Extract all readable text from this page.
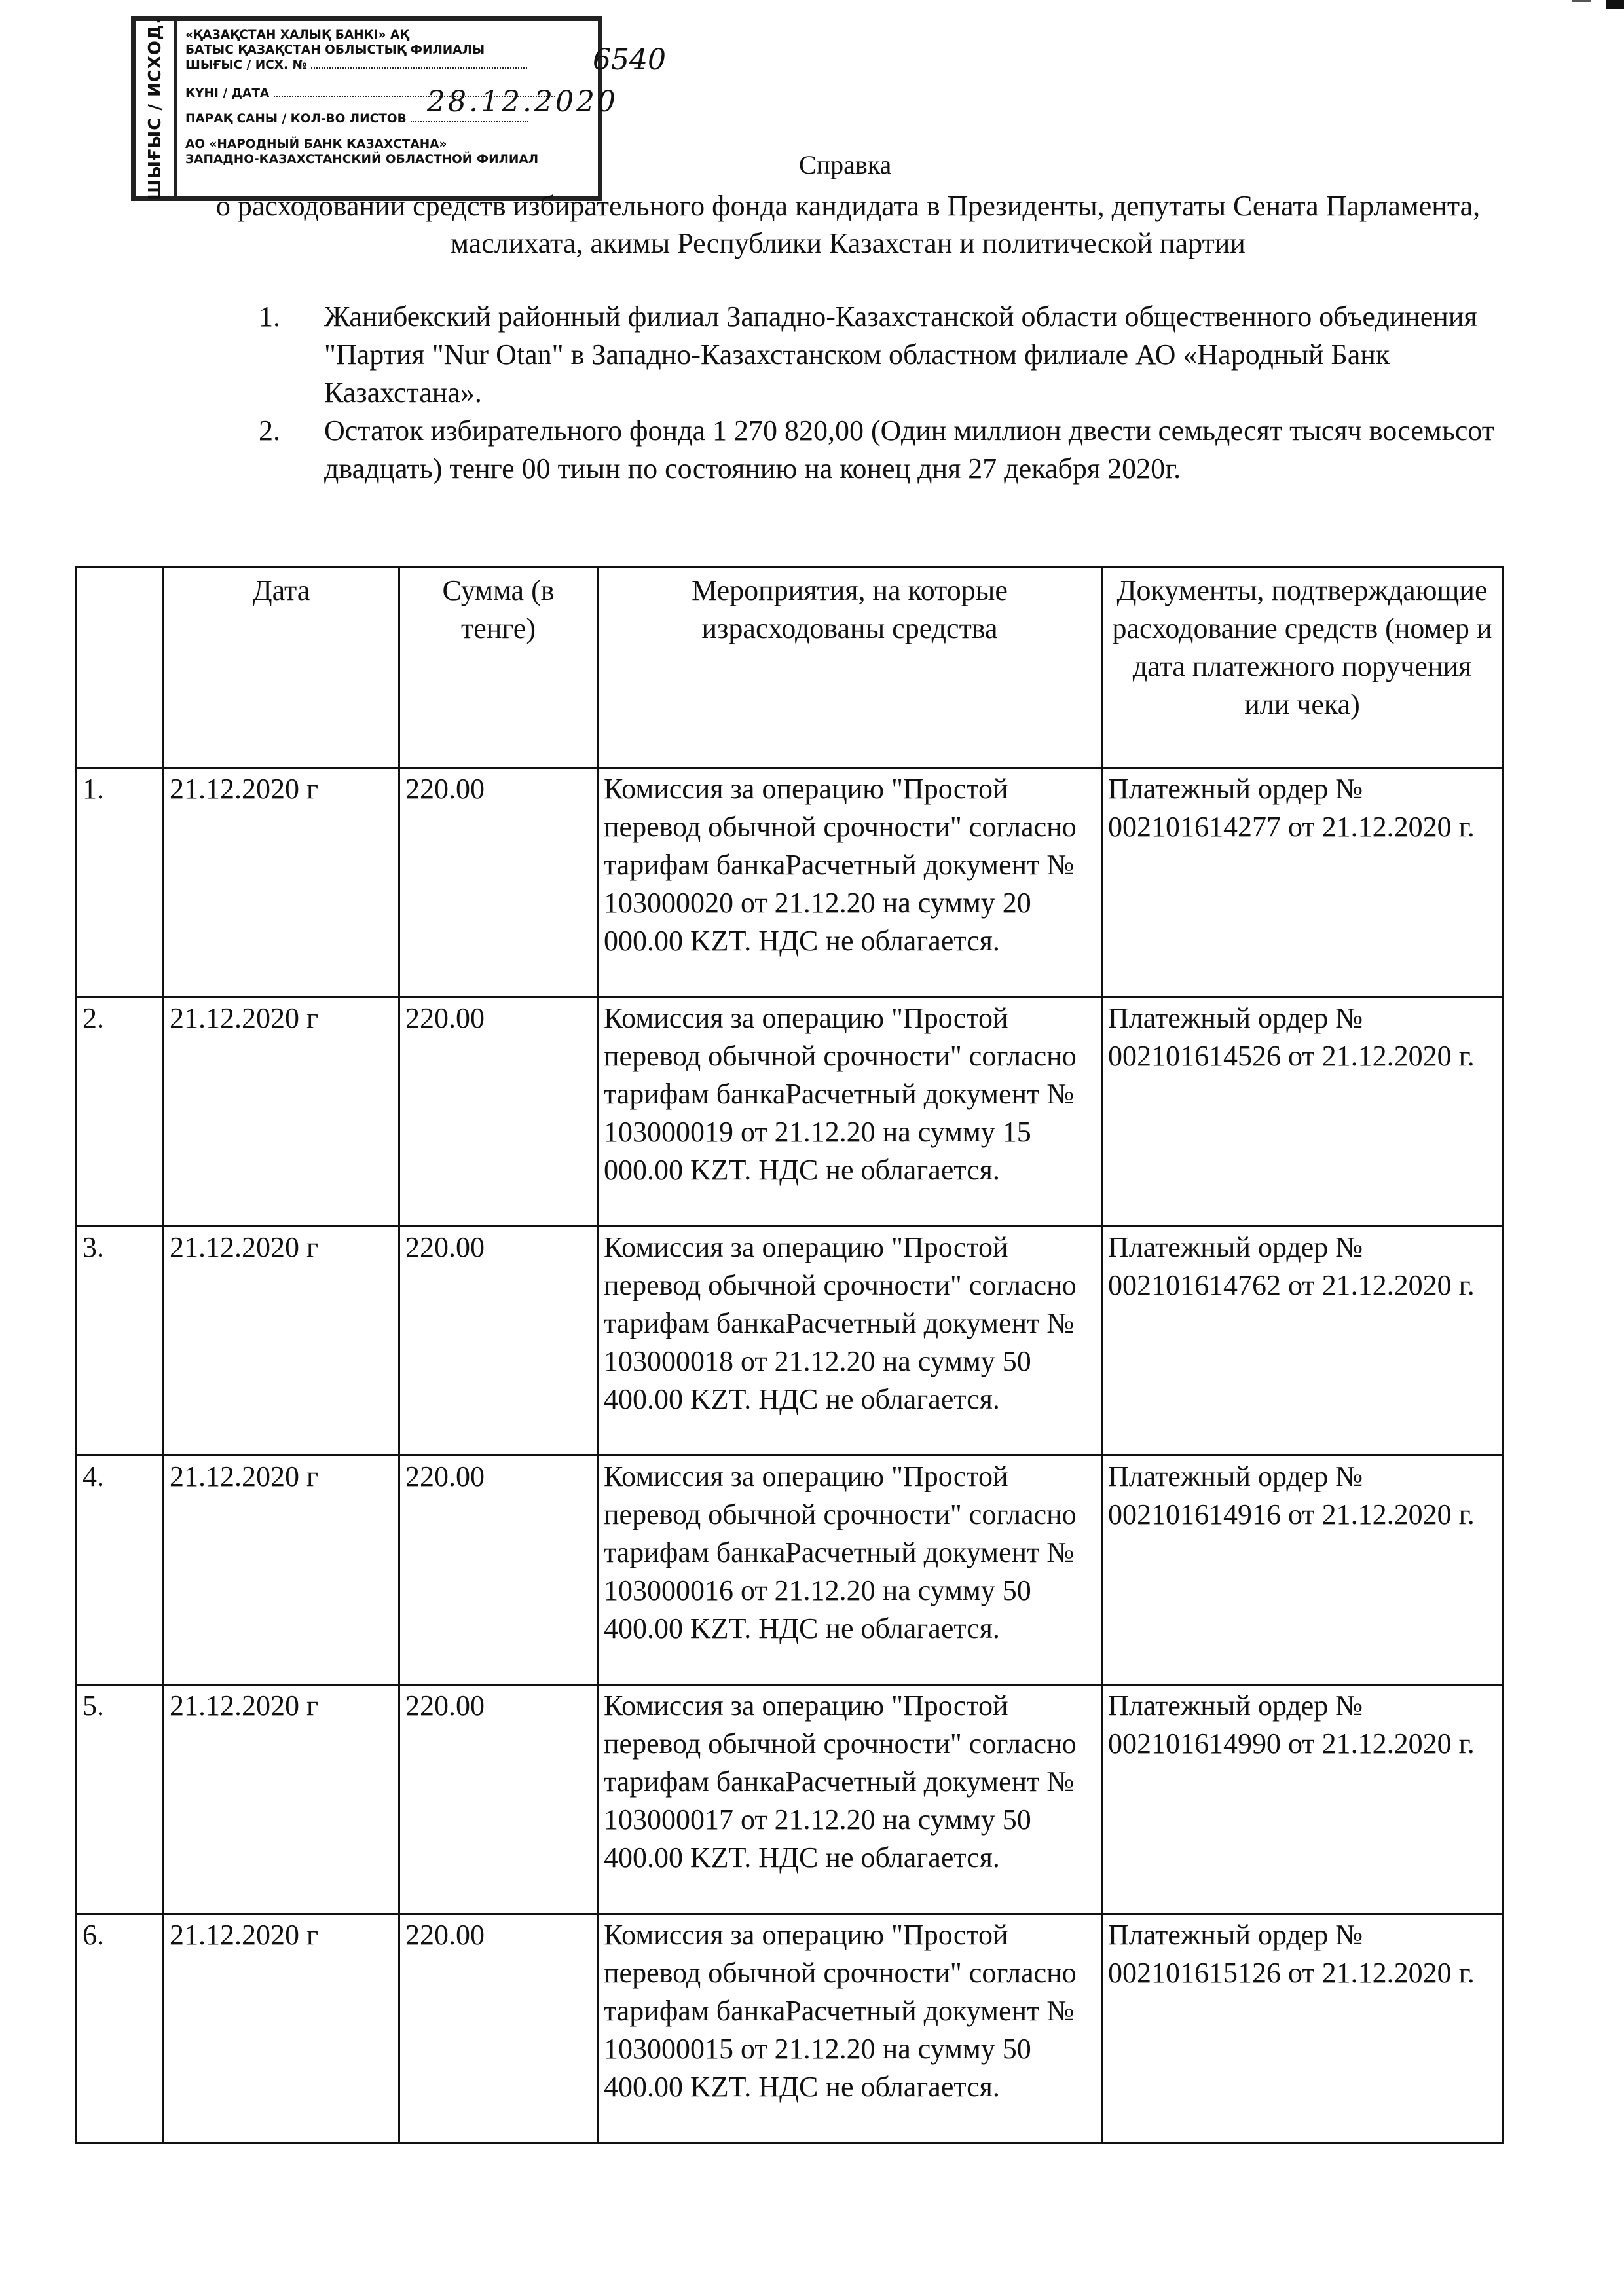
ШЫҒЫС / ИСХОД. «ҚАЗАҚСТАН ХАЛЫҚ БАНКІ» АҚ
БАТЫС ҚАЗАҚСТАН ОБЛЫСТЫҚ ФИЛИАЛЫ
ШЫҒЫС / ИСХ. №
КҮНІ / ДАТА
ПАРАҚ САНЫ / КОЛ-ВО ЛИСТОВ
АО «НАРОДНЫЙ БАНК КАЗАХСТАНА»
ЗАПАДНО-КАЗАХСТАНСКИЙ ОБЛАСТНОЙ ФИЛИАЛ
6540
28.12.2020
Справка
о расходовании средств избирательного фонда кандидата в Президенты, депутаты Сената Парламента, маслихата, акимы Республики Казахстан и политической партии
1.	Жанибекский районный филиал Западно-Казахстанской области общественного объединения "Партия "Nur Otan" в Западно-Казахстанском областном филиале АО «Народный Банк Казахстана».
2.	Остаток избирательного фонда 1 270 820,00 (Один миллион двести семьдесят тысяч восемьсот двадцать) тенге 00 тиын по состоянию на конец дня 27 декабря 2020г.
	Дата	Сумма (в тенге)	Мероприятия, на которые израсходованы средства	Документы, подтверждающие расходование средств (номер и дата платежного поручения или чека)
1.	21.12.2020 г	220.00	Комиссия за операцию "Простой перевод обычной срочности" согласно тарифам банкаРасчетный документ № 103000020 от 21.12.20 на сумму 20 000.00 KZT. НДС не облагается.	Платежный ордер № 002101614277 от 21.12.2020 г.
2.	21.12.2020 г	220.00	Комиссия за операцию "Простой перевод обычной срочности" согласно тарифам банкаРасчетный документ № 103000019 от 21.12.20 на сумму 15 000.00 KZT. НДС не облагается.	Платежный ордер № 002101614526 от 21.12.2020 г.
3.	21.12.2020 г	220.00	Комиссия за операцию "Простой перевод обычной срочности" согласно тарифам банкаРасчетный документ № 103000018 от 21.12.20 на сумму 50 400.00 KZT. НДС не облагается.	Платежный ордер № 002101614762 от 21.12.2020 г.
4.	21.12.2020 г	220.00	Комиссия за операцию "Простой перевод обычной срочности" согласно тарифам банкаРасчетный документ № 103000016 от 21.12.20 на сумму 50 400.00 KZT. НДС не облагается.	Платежный ордер № 002101614916 от 21.12.2020 г.
5.	21.12.2020 г	220.00	Комиссия за операцию "Простой перевод обычной срочности" согласно тарифам банкаРасчетный документ № 103000017 от 21.12.20 на сумму 50 400.00 KZT. НДС не облагается.	Платежный ордер № 002101614990 от 21.12.2020 г.
6.	21.12.2020 г	220.00	Комиссия за операцию "Простой перевод обычной срочности" согласно тарифам банкаРасчетный документ № 103000015 от 21.12.20 на сумму 50 400.00 KZT. НДС не облагается.	Платежный ордер № 002101615126 от 21.12.2020 г.
